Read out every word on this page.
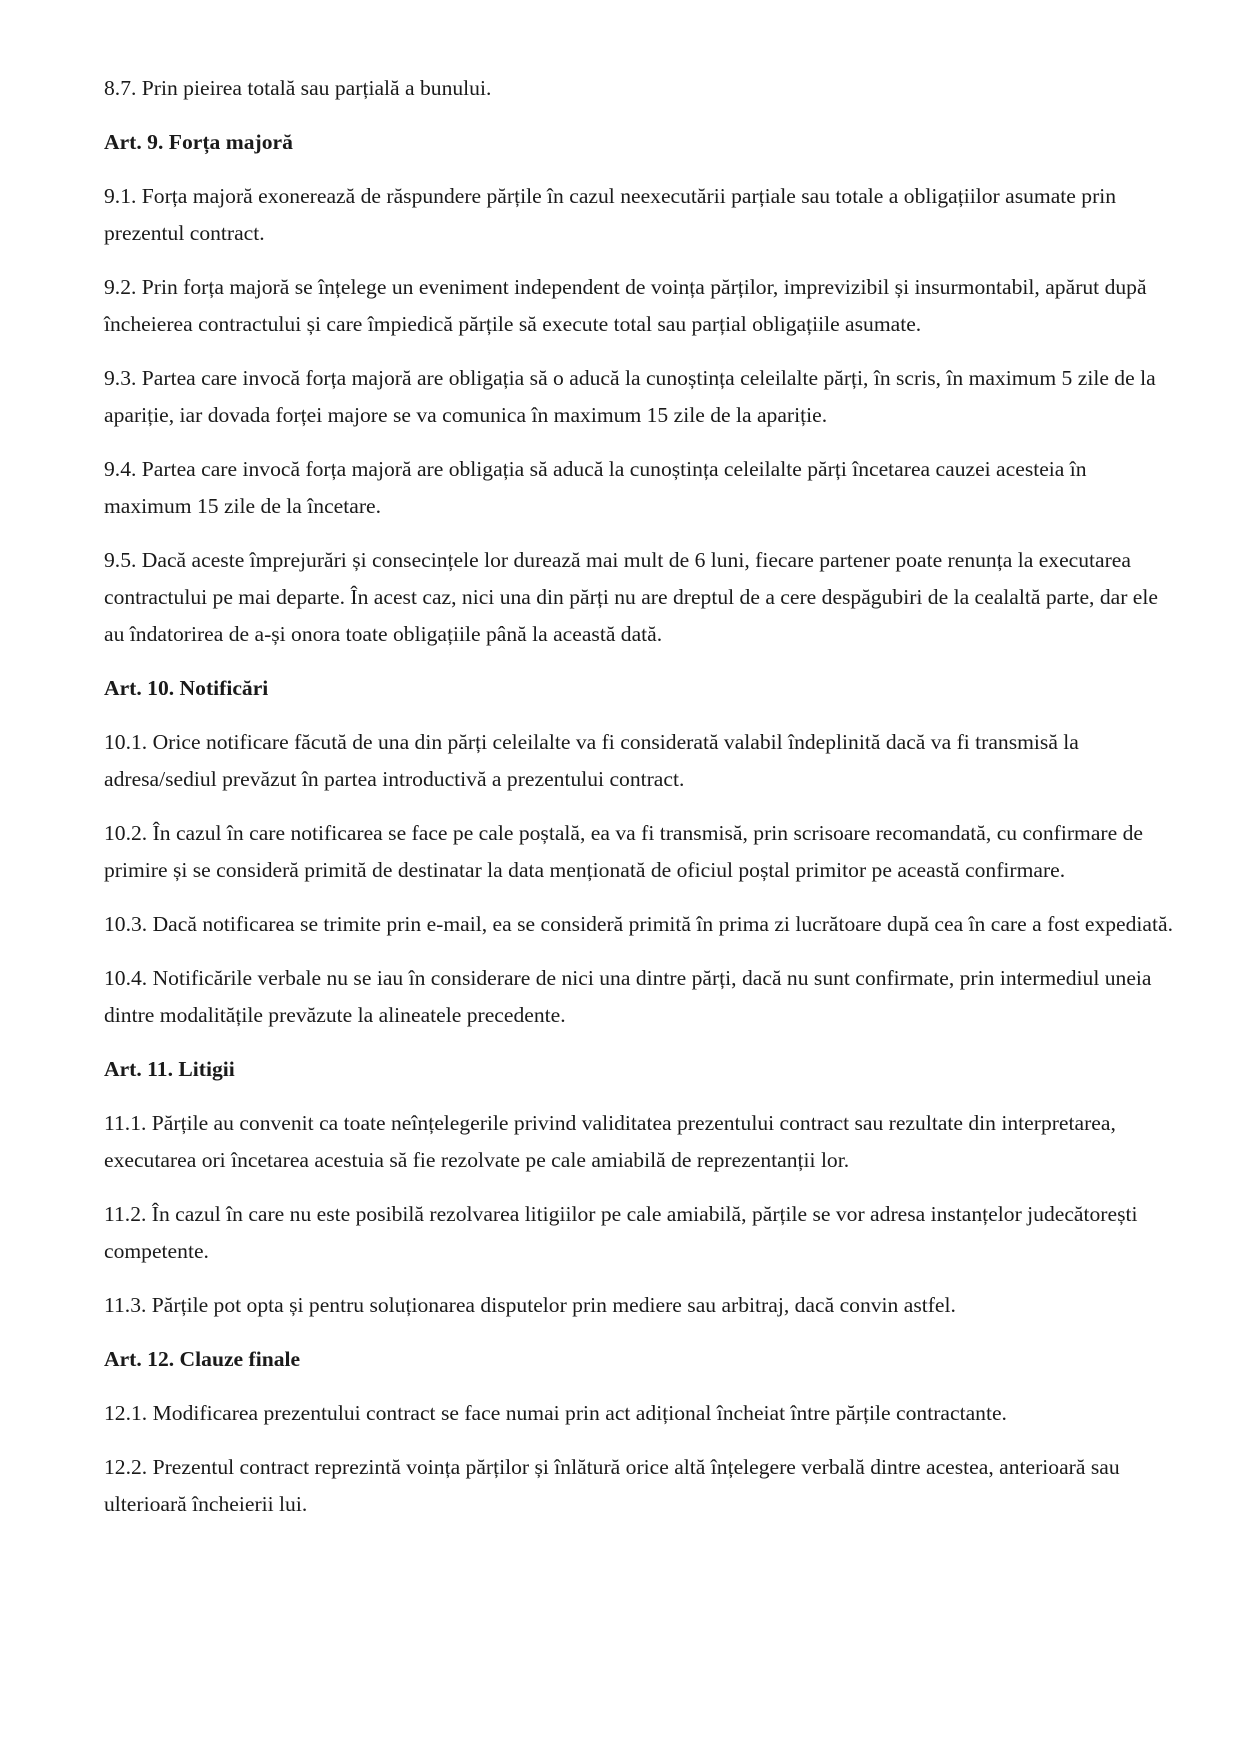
8.7. Prin pieirea totală sau parțială a bunului.

Art. 9. Forța majoră

9.1. Forța majoră exonerează de răspundere părțile în cazul neexecutării parțiale sau totale a obligațiilor asumate prin prezentul contract.

9.2. Prin forța majoră se înțelege un eveniment independent de voința părților, imprevizibil și insurmontabil, apărut după încheierea contractului și care împiedică părțile să execute total sau parțial obligațiile asumate.

9.3. Partea care invocă forța majoră are obligația să o aducă la cunoștința celeilalte părți, în scris, în maximum 5 zile de la apariție, iar dovada forței majore se va comunica în maximum 15 zile de la apariție.

9.4. Partea care invocă forța majoră are obligația să aducă la cunoștința celeilalte părți încetarea cauzei acesteia în maximum 15 zile de la încetare.

9.5. Dacă aceste împrejurări și consecințele lor durează mai mult de 6 luni, fiecare partener poate renunța la executarea contractului pe mai departe. În acest caz, nici una din părți nu are dreptul de a cere despăgubiri de la cealaltă parte, dar ele au îndatorirea de a-și onora toate obligațiile până la această dată.

Art. 10. Notificări

10.1. Orice notificare făcută de una din părți celeilalte va fi considerată valabil îndeplinită dacă va fi transmisă la adresa/sediul prevăzut în partea introductivă a prezentului contract.

10.2. În cazul în care notificarea se face pe cale poștală, ea va fi transmisă, prin scrisoare recomandată, cu confirmare de primire și se consideră primită de destinatar la data menționată de oficiul poștal primitor pe această confirmare.

10.3. Dacă notificarea se trimite prin e-mail, ea se consideră primită în prima zi lucrătoare după cea în care a fost expediată.

10.4. Notificările verbale nu se iau în considerare de nici una dintre părți, dacă nu sunt confirmate, prin intermediul uneia dintre modalitățile prevăzute la alineatele precedente.

Art. 11. Litigii

11.1. Părțile au convenit ca toate neînțelegerile privind validitatea prezentului contract sau rezultate din interpretarea, executarea ori încetarea acestuia să fie rezolvate pe cale amiabilă de reprezentanții lor.

11.2. În cazul în care nu este posibilă rezolvarea litigiilor pe cale amiabilă, părțile se vor adresa instanțelor judecătorești competente.

11.3. Părțile pot opta și pentru soluționarea disputelor prin mediere sau arbitraj, dacă convin astfel.

Art. 12. Clauze finale

12.1. Modificarea prezentului contract se face numai prin act adițional încheiat între părțile contractante.

12.2. Prezentul contract reprezintă voința părților și înlătură orice altă înțelegere verbală dintre acestea, anterioară sau ulterioară încheierii lui.
